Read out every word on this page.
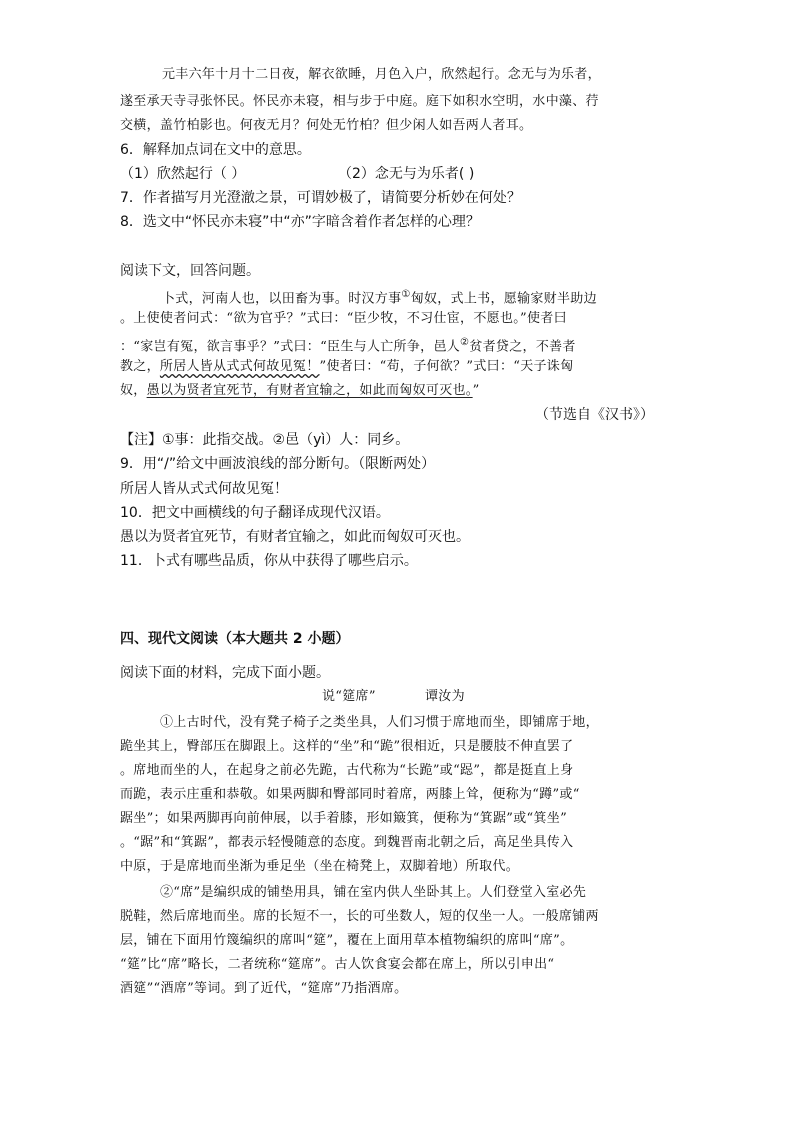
元丰六年十月十二日夜，解衣欲睡，月色入户，欣然起行。念无与为乐者，
遂至承天寺寻张怀民。怀民亦未寝，相与步于中庭。庭下如积水空明，水中藻、荇
交横，盖竹柏影也。何夜无月？何处无竹柏？但少闲人如吾两人者耳。
6．解释加点词在文中的意思。
（1）欣然起行（ ）	（2）念无与为乐者( )
7．作者描写月光澄澈之景，可谓妙极了，请简要分析妙在何处？
8．选文中“怀民亦未寝”中“亦”字暗含着作者怎样的心理？
阅读下文，回答问题。
卜式，河南人也，以田畜为事。时汉方事①匈奴，式上书，愿输家财半助边
。上使使者问式：“欲为官乎？”式曰：“臣少牧，不习仕宦，不愿也。”使者曰
：“家岂有冤，欲言事乎？”式曰：“臣生与人亡所争，邑人②贫者贷之，不善者
教之，所居人皆从式式何故见冤！”使者曰：“苟，子何欲？”式曰：“天子诛匈
奴，愚以为贤者宜死节，有财者宜输之，如此而匈奴可灭也。”
（节选自《汉书》）
【注】①事：此指交战。②邑（yì）人：同乡。
9．用“/”给文中画波浪线的部分断句。（限断两处）
所居人皆从式式何故见冤！
10．把文中画横线的句子翻译成现代汉语。
愚以为贤者宜死节，有财者宜输之，如此而匈奴可灭也。
11．卜式有哪些品质，你从中获得了哪些启示。
四、现代文阅读（本大题共 2 小题）
阅读下面的材料，完成下面小题。
说“筵席”	谭汝为
①上古时代，没有凳子椅子之类坐具，人们习惯于席地而坐，即铺席于地，
跪坐其上，臀部压在脚跟上。这样的“坐”和“跪”很相近，只是腰肢不伸直罢了
。席地而坐的人，在起身之前必先跪，古代称为“长跪”或“跽”，都是挺直上身
而跪，表示庄重和恭敬。如果两脚和臀部同时着席，两膝上耸，便称为“蹲”或“
踞坐”；如果两脚再向前伸展，以手着膝，形如簸箕，便称为“箕踞”或“箕坐”
。“踞”和“箕踞”，都表示轻慢随意的态度。到魏晋南北朝之后，高足坐具传入
中原，于是席地而坐渐为垂足坐（坐在椅凳上，双脚着地）所取代。
②“席”是编织成的铺垫用具，铺在室内供人坐卧其上。人们登堂入室必先
脱鞋，然后席地而坐。席的长短不一，长的可坐数人，短的仅坐一人。一般席铺两
层，铺在下面用竹篾编织的席叫“筵”，覆在上面用草本植物编织的席叫“席”。
“筵”比“席”略长，二者统称“筵席”。古人饮食宴会都在席上，所以引申出“
酒筵”“酒席”等词。到了近代，“筵席”乃指酒席。
